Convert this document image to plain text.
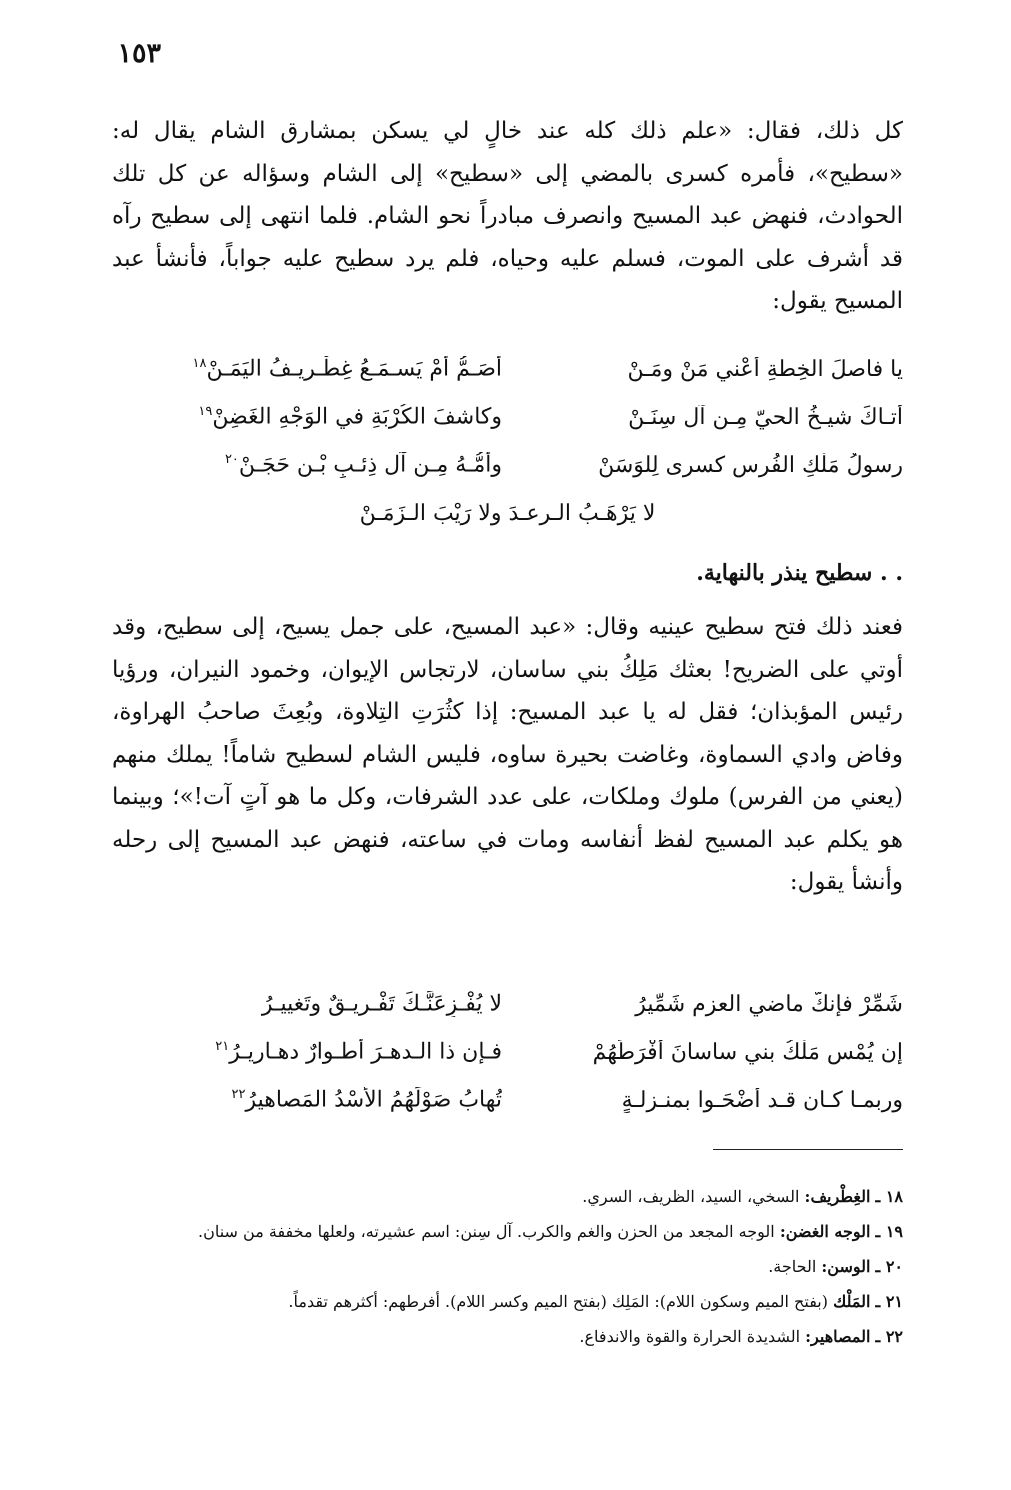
١٥٣

كل ذلك، فقال: «علم ذلك كله عند خالٍ لي يسكن بمشارق الشام يقال له: «سطيح»، فأمره كسرى بالمضي إلى «سطيح» إلى الشام وسؤاله عن كل تلك الحوادث، فنهض عبد المسيح وانصرف مبادراً نحو الشام. فلما انتهى إلى سطيح رآه قد أشرف على الموت، فسلم عليه وحياه، فلم يرد سطيح عليه جواباً، فأنشأ عبد المسيح يقول:

يا فاصلَ الخِطةِ أعْني مَنْ ومَـنْ
أَصَـمُّ أمْ يَسـمَـعُ غِطْـريـفُ اليَمَـنْ$^{١٨}$
أتـاكَ شيـخُ الحيّ مِـن آل سِنَـنْ
وكاشفَ الكُرْبَةِ في الوَجْهِ الغَضِنْ$^{١٩}$
رسولُ مَلْكِ الفُرسِ كسرى لِلوَسَنْ
وأمُّـهُ مِـن آل ذِئـبِ بْـنِ حَجَـنْ$^{٢٠}$
لا يَرْهَـبُ الـرعـدَ ولا رَيْبَ الـزَمَـنْ
. . سطيح ينذر بالنهاية.

فعند ذلك فتح سطيح عينيه وقال: «عبد المسيح، على جمل يسيح، إلى سطيح، وقد أوتي على الضريح! بعثك مَلِكُ بني ساسان، لارتجاس الإيوان، وخمود النيران، ورؤيا رئيس المؤبذان؛ فقل له يا عبد المسيح: إذا كثُرَتِ التِلاوة، وبُعِثَ صاحبُ الهراوة، وفاض وادي السماوة، وغاضت بحيرة ساوه، فليس الشام لسطيح شاماً! يملك منهم (يعني من الفرس) ملوك وملكات، على عدد الشرفات، وكل ما هو آتٍ آت!»؛ وبينما هو يكلم عبد المسيح لفظ أنفاسه ومات في ساعته، فنهض عبد المسيح إلى رحله وأنشأ يقول:

شَمِّرْ فإنكَّ ماضي العزم شَمِّيرُ
لا يُفْـزِعَنَّـكَ تَفْـريـقٌ وتَغييـرُ
إن يُمْسِ مَلْكُ بني ساسانَ أفْرَطَهُمْ
فـإن ذا الـدهـرَ أطـوارٌ دهـاريـرُ$^{٢١}$
وربمـا كـان قـد أضْحَـوا بمنـزلـةٍ
تُهابُ صَوْلَهُمُ الأُسْدُ المَصاهيرُ$^{٢٢}$

١٨ ـ الغِطْريف: السخي، السيد، الظريف، السري.

١٩ ـ الوجه الغضن: الوجه المجعد من الحزن والغم والكرب. آل سِنن: اسم عشيرته، ولعلها مخففة من سنان.

٢٠ ـ الوسن: الحاجة.

٢١ ـ المَلْك (بفتح الميم وسكون اللام): المَلِك (بفتح الميم وكسر اللام). أفرطهم: أكثرهم تقدماً.

٢٢ ـ المصاهير: الشديدة الحرارة والقوة والاندفاع.
